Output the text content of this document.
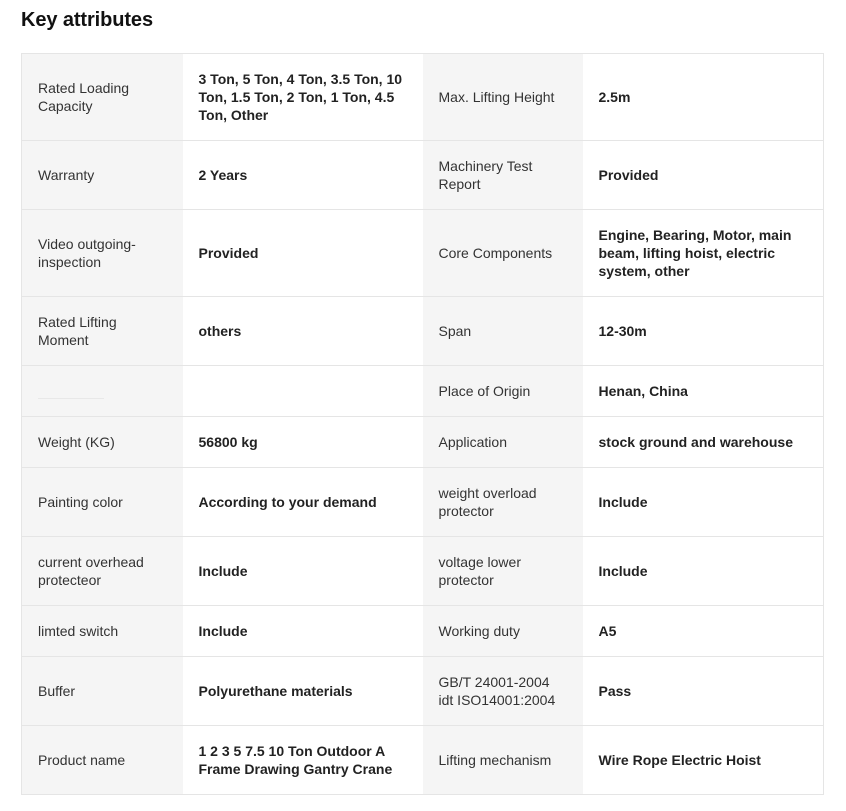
Key attributes
Rated Loading Capacity	3 Ton, 5 Ton, 4 Ton, 3.5 Ton, 10 Ton, 1.5 Ton, 2 Ton, 1 Ton, 4.5 Ton, Other	Max. Lifting Height	2.5m
Warranty	2 Years	Machinery Test Report	Provided
Video outgoing-inspection	Provided	Core Components	Engine, Bearing, Motor, main beam, lifting hoist, electric system, other
Rated Lifting Moment	others	Span	12-30m

		Place of Origin	Henan, China
Weight (KG)	56800 kg	Application	stock ground and warehouse
Painting color	According to your demand	weight overload protector	Include
current overhead protecteor	Include	voltage lower protector	Include
limted switch	Include	Working duty	A5
Buffer	Polyurethane materials	GB/T 24001-2004 idt ISO14001:2004	Pass
Product name	1 2 3 5 7.5 10 Ton Outdoor A Frame Drawing Gantry Crane	Lifting mechanism	Wire Rope Electric Hoist
